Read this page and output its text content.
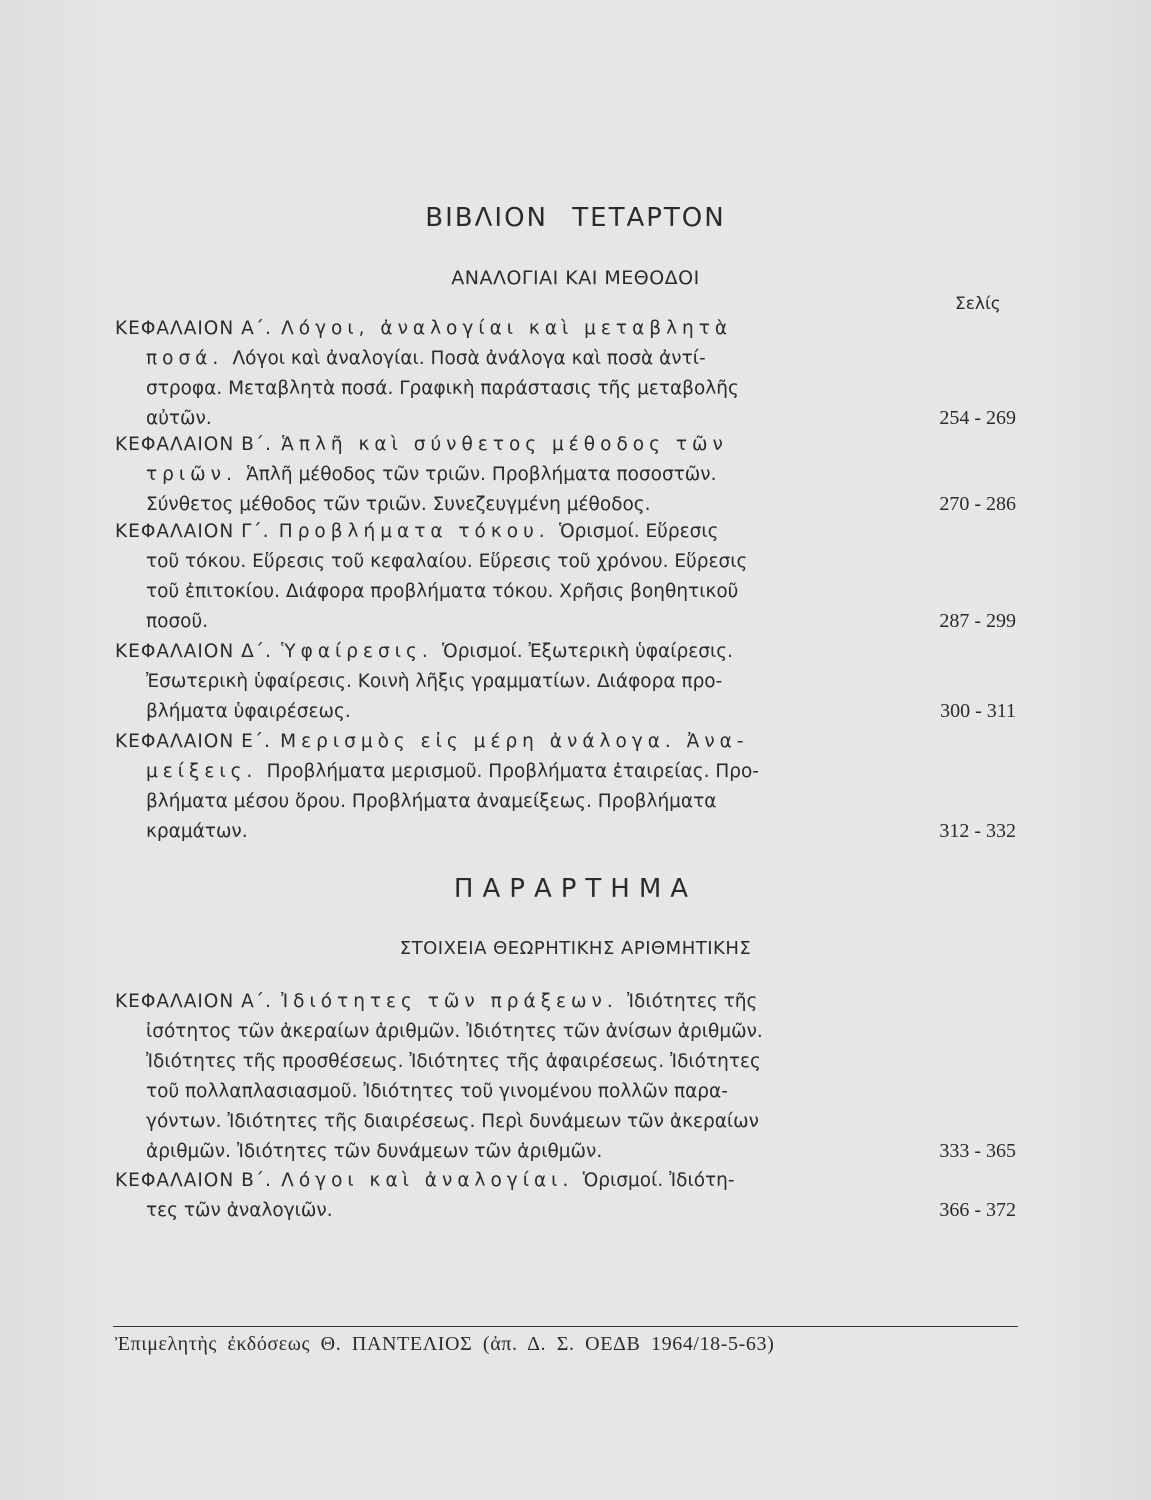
ΒΙΒΛΙΟΝ ΤΕΤΑΡΤΟΝ
ΑΝΑΛΟΓΙΑΙ ΚΑΙ ΜΕΘΟΔΟΙ
Σελίς
ΚΕΦΑΛΑΙΟΝ Α΄.  Λόγοι, ἀναλογίαι καὶ μεταβλητὰ
ποσά.  Λόγοι καὶ ἀναλογίαι. Ποσὰ ἀνάλογα καὶ ποσὰ ἀντί-
στροφα. Μεταβλητὰ ποσά. Γραφικὴ παράστασις τῆς μεταβολῆς
αὐτῶν.	254 - 269
ΚΕΦΑΛΑΙΟΝ Β΄.  Ἁπλῆ καὶ σύνθετος μέθοδος τῶν
τριῶν.  Ἁπλῆ μέθοδος τῶν τριῶν. Προβλήματα ποσοστῶν.
Σύνθετος μέθοδος τῶν τριῶν. Συνεζευγμένη μέθοδος.	270 - 286
ΚΕΦΑΛΑΙΟΝ Γ΄.  Προβλήματα τόκου.  Ὁρισμοί. Εὕρεσις
τοῦ τόκου. Εὕρεσις τοῦ κεφαλαίου. Εὕρεσις τοῦ χρόνου. Εὕρεσις
τοῦ ἐπιτοκίου. Διάφορα προβλήματα τόκου. Χρῆσις βοηθητικοῦ
ποσοῦ.	287 - 299
ΚΕΦΑΛΑΙΟΝ Δ΄.  Ὑφαίρεσις.  Ὁρισμοί. Ἐξωτερικὴ ὑφαίρεσις.
Ἐσωτερικὴ ὑφαίρεσις. Κοινὴ λῆξις γραμματίων. Διάφορα προ-
βλήματα ὑφαιρέσεως.	300 - 311
ΚΕΦΑΛΑΙΟΝ Ε΄.  Μερισμὸς εἰς μέρη ἀνάλογα. Ἀνα-
μείξεις.  Προβλήματα μερισμοῦ. Προβλήματα ἑταιρείας. Προ-
βλήματα μέσου ὅρου. Προβλήματα ἀναμείξεως. Προβλήματα
κραμάτων.	312 - 332
ΠΑΡΑΡΤΗΜΑ
ΣΤΟΙΧΕΙΑ ΘΕΩΡΗΤΙΚΗΣ ΑΡΙΘΜΗΤΙΚΗΣ
ΚΕΦΑΛΑΙΟΝ Α΄.  Ἰδιότητες τῶν πράξεων.  Ἰδιότητες τῆς
ἰσότητος τῶν ἀκεραίων ἀριθμῶν. Ἰδιότητες τῶν ἀνίσων ἀριθμῶν.
Ἰδιότητες τῆς προσθέσεως. Ἰδιότητες τῆς ἀφαιρέσεως. Ἰδιότητες
τοῦ πολλαπλασιασμοῦ. Ἰδιότητες τοῦ γινομένου πολλῶν παρα-
γόντων. Ἰδιότητες τῆς διαιρέσεως. Περὶ δυνάμεων τῶν ἀκεραίων
ἀριθμῶν. Ἰδιότητες τῶν δυνάμεων τῶν ἀριθμῶν.	333 - 365
ΚΕΦΑΛΑΙΟΝ Β΄.  Λόγοι καὶ ἀναλογίαι.  Ὁρισμοί. Ἰδιότη-
τες τῶν ἀναλογιῶν.	366 - 372
Ἐπιμελητὴς ἐκδόσεως Θ. ΠΑΝΤΕΛΙΟΣ (ἀπ. Δ. Σ. ΟΕΔΒ 1964/18-5-63)
